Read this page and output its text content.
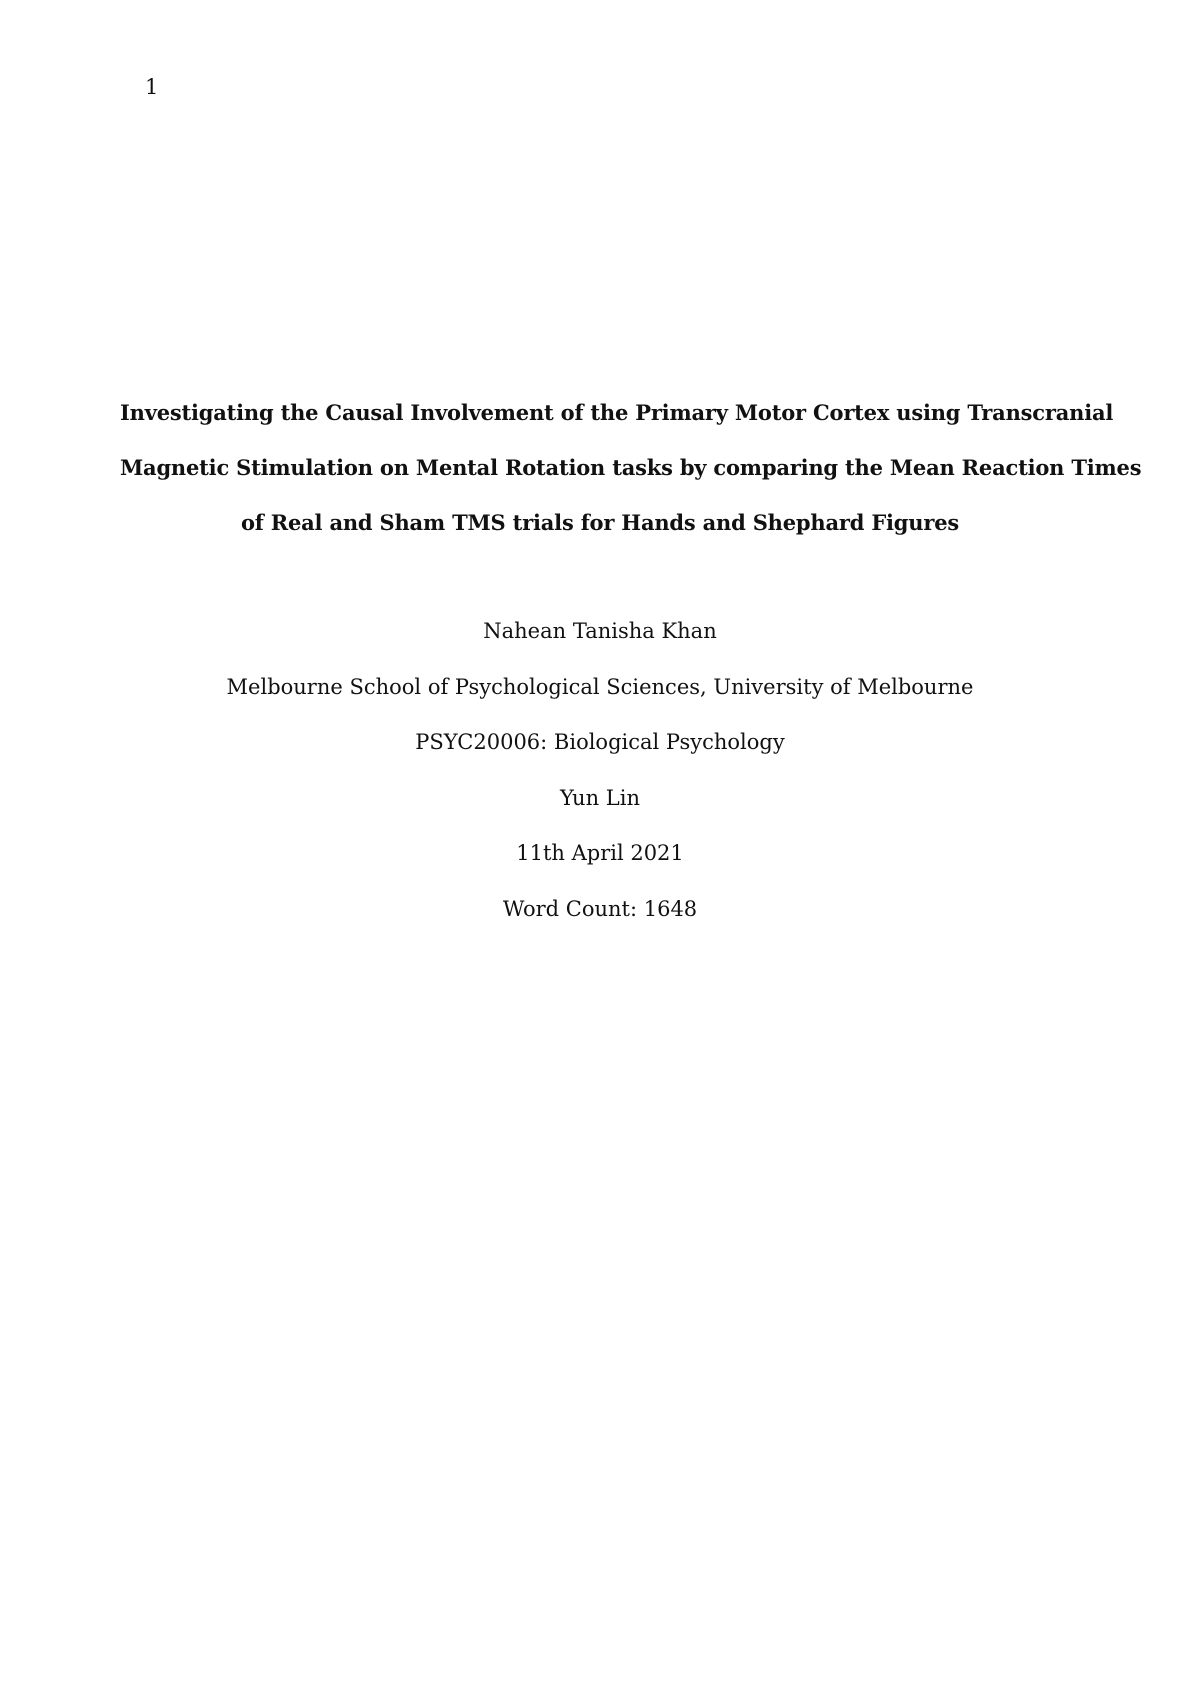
1
Investigating the Causal Involvement of the Primary Motor Cortex using Transcranial
Magnetic Stimulation on Mental Rotation tasks by comparing the Mean Reaction Times
of Real and Sham TMS trials for Hands and Shephard Figures
Nahean Tanisha Khan
Melbourne School of Psychological Sciences, University of Melbourne
PSYC20006: Biological Psychology
Yun Lin
11th April 2021
Word Count: 1648
